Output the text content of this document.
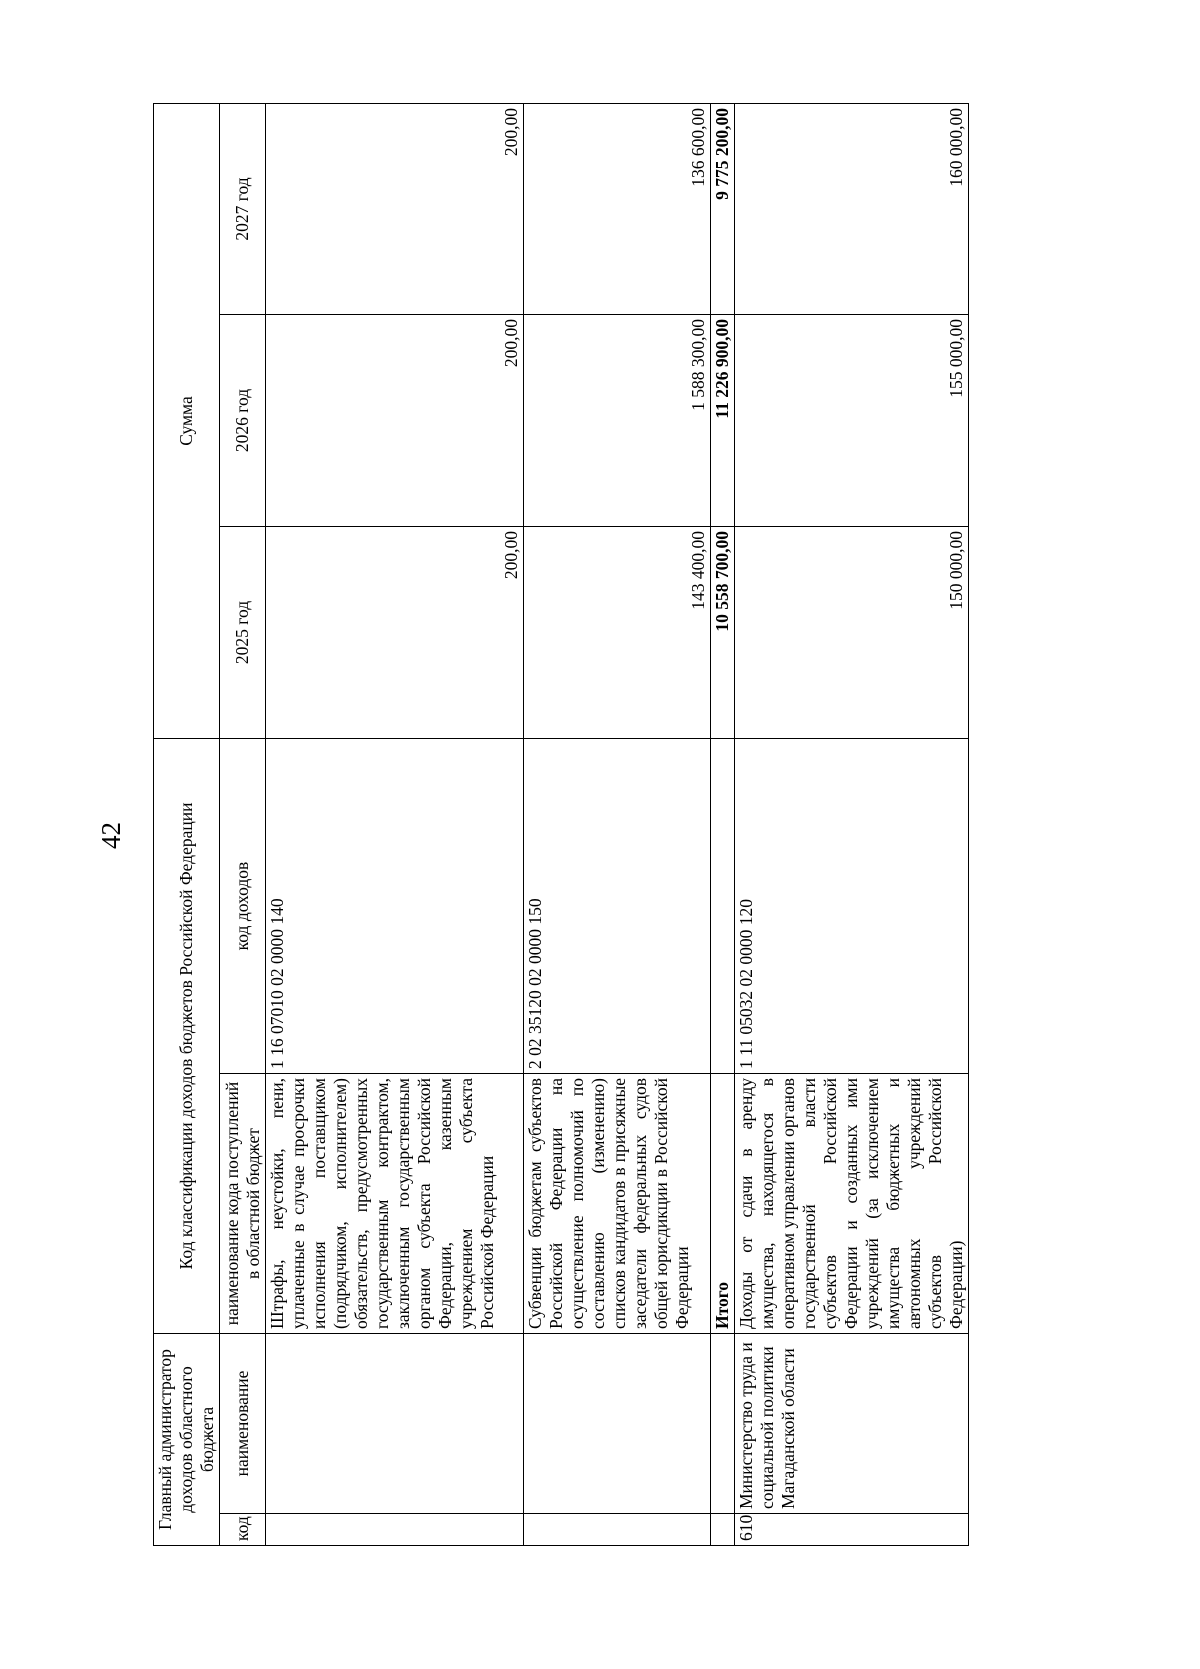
42
Главный администратор доходов областного бюджета		Код классификации доходов бюджетов Российской Федерации		Сумма		
код	наименование	наименование кода поступлений в областной бюджет	код доходов	2025 год	2026 год	2027 год
		Штрафы, неустойки, пени, уплаченные в случае просрочки исполнения поставщиком (подрядчиком, исполнителем) обязательств, предусмотренных государственным контрактом, заключенным государственным органом субъекта Российской Федерации, казенным учреждением субъекта Российской Федерации	1 16 07010 02 0000 140	200,00	200,00	200,00
		Субвенции бюджетам субъектов Российской Федерации на осуществление полномочий по составлению (изменению) списков кандидатов в присяжные заседатели федеральных судов общей юрисдикции в Российской Федерации	2 02 35120 02 0000 150	143 400,00	1 588 300,00	136 600,00
		Итого		10 558 700,00	11 226 900,00	9 775 200,00
610	Министерство труда и социальной политики Магаданской области	Доходы от сдачи в аренду имущества, находящегося в оперативном управлении органов государственной власти субъектов Российской Федерации и созданных ими учреждений (за исключением имущества бюджетных и автономных учреждений субъектов Российской Федерации)	1 11 05032 02 0000 120	150 000,00	155 000,00	160 000,00
